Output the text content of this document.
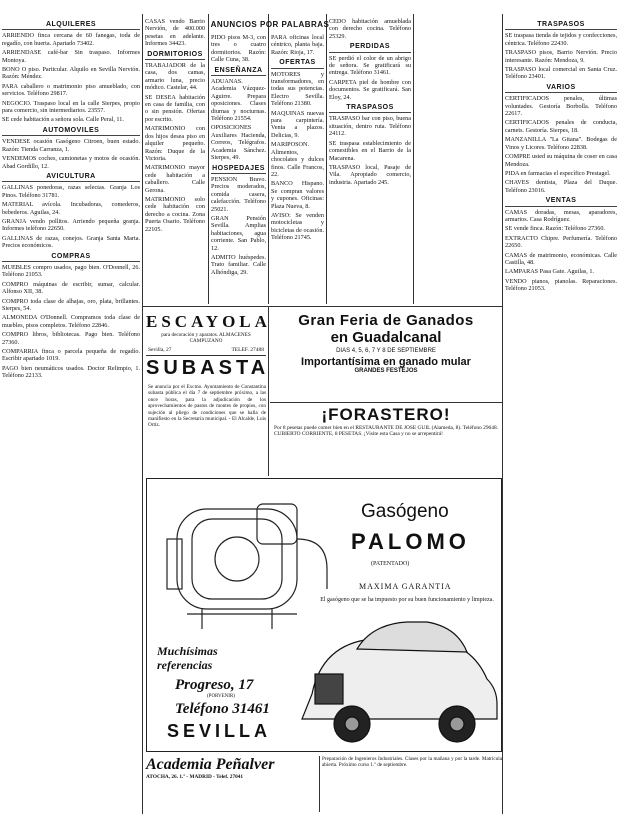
ANUNCIOS POR PALABRAS
ALQUILERES

ARRIENDO finca cercana de 60 fanegas, toda de regadío, con huerta. Apartado 73402.

ARRIENDASE café-bar Sin traspaso. Informes Montoya.

BONO O piso. Particular. Alquilo en Sevilla Nervión. Razón: Méndez.

PARA caballero o matrimonio piso amueblado, con servicios. Teléfono 29817.

NEGOCIO. Traspaso local en la calle Sierpes, propio para comercio, sin intermediarios. 23557.

SE cede habitación a señora sola. Calle Peral, 11.

AUTOMOVILES

VENDESE ocasión Gasógeno Citroen, buen estado. Razón: Tienda Carranza, 1.

VENDEMOS coches, camionetas y motos de ocasión. Abad Gordillo, 12.

AVICULTURA

GALLINAS ponedoras, razas selectas. Granja Los Pinos. Teléfono 31781.

MATERIAL avícola. Incubadoras, comederos, bebederos. Aguilas, 24.

GRANJA vendo pollitos. Arriendo pequeña granja. Informes teléfono 22650.

GALLINAS de razas, conejos. Granja Santa Marta. Precios económicos.

COMPRAS

MUEBLES compro usados, pago bien. O'Donnell, 26. Teléfono 21053.

COMPRO máquinas de escribir, sumar, calcular. Alfonso XII, 38.

COMPRO toda clase de alhajas, oro, plata, brillantes. Sierpes, 54.

ALMONEDA O'Donnell. Compramos toda clase de muebles, pisos completos. Teléfono 22846.

COMPRO libros, bibliotecas. Pago bien. Teléfono 27360.

COMPARRIA finca o parcela pequeña de regadío. Escribir apartado 1019.

PAGO bien neumáticos usados. Doctor Relimpio, 1. Teléfono 22133.

CASAS vendo Barrio Nervión, de 400.000 pesetas en adelante. Informes 34423.

DORMITORIOS

TRABAJADOR de la casa, dos camas, armario luna, precio módico. Castelar, 44.

SE DESEA habitación en casa de familia, con o sin pensión. Ofertas por escrito.

MATRIMONIO con dos hijos desea piso en alquiler pequeño. Razón: Duque de la Victoria.

MATRIMONIO mayor cede habitación a caballero. Calle Gerona.

MATRIMONIO solo cede habitación con derecho a cocina. Zona Puerta Osario. Teléfono 22105.

PIDO pisos M-3, con tres o cuatro dormitorios. Razón: Calle Cuna, 38.

ENSEÑANZA

ADUANAS. Academia Vázquez-Aguirre. Prepara oposiciones. Clases diurnas y nocturnas. Teléfono 21554.

OPOSICIONES Auxiliares Hacienda, Correos, Telégrafos. Academia Sánchez. Sierpes, 49.

HOSPEDAJES

PENSION Bravo. Precios moderados, comida casera, calefacción. Teléfono 25021.

GRAN Pensión Sevilla. Amplias habitaciones, agua corriente. San Pablo, 12.

ADMITO huéspedes. Trato familiar. Calle Alhóndiga, 29.

PARA oficinas local céntrico, planta baja. Razón: Rioja, 17.

OFERTAS

MOTORES y transformadores, en todas sus potencias. Electro Sevilla. Teléfono 21380.

MAQUINAS nuevas para carpintería. Venta a plazos. Delicias, 9.

MARIPOSON. Alimentos, chocolates y dulces finos. Calle Francos, 22.

BANCO Hispano. Se compran valores y cupones. Oficinas: Plaza Nueva, 8.

AVISO: Se venden motocicletas y bicicletas de ocasión. Teléfono 21745.

CEDO habitación amueblada con derecho cocina. Teléfono 25329.

PERDIDAS

SE perdió el color de un abrigo de señora. Se gratificará su entrega. Teléfono 31461.

CARPETA piel de hombre con documentos. Se gratificará. San Eloy, 24.

TRASPASOS

TRASPASO bar con piso, buena situación, dentro ruta. Teléfono 24112.

SE traspasa establecimiento de comestibles en el Barrio de la Macarena.

TRASPASO local, Pasaje de Vila. Apropiado comercio, industria. Apartado 245.

TRASPASOS

SE traspasa tienda de tejidos y confecciones, céntrica. Teléfono 22430.

TRASPASO pisos, Barrio Nervión. Precio interesante. Razón: Mendoza, 9.

TRASPASO local comercial en Santa Cruz. Teléfono 23401.

VARIOS

CERTIFICADOS penales, últimas voluntades. Gestoría Borbolla. Teléfono 22617.

CERTIFICADOS penales de conducta, carnets. Gestoría. Sierpes, 18.

MANZANILLA "La Gitana". Bodegas de Vinos y Licores. Teléfono 22838.

COMPRE usted su máquina de coser en casa Mendoza.

PIDA en farmacias el específico Prestagel.

CHAVES dentista, Plaza del Duque. Teléfono 23016.

VENTAS

CAMAS doradas, mesas, aparadores, armarios. Casa Rodríguez.

SE vende finca. Razón: Teléfono 27360.

EXTRACTO Chipre. Perfumería. Teléfono 22650.

CAMAS de matrimonio, económicas. Calle Castilla, 48.

LAMPARAS Pasa Gate. Aguilas, 1.

VENDO pianos, pianolas. Reparaciones. Teléfono 21053.

ESCAYOLA
para decoración y aparatos. ALMACENES CAMPUZANO
Sevilla, 27	TELEF. 27488
SUBASTA
Se anuncia por el Excmo. Ayuntamiento de Constantina subasta pública el día 7 de septiembre próximo, a las once horas, para la adjudicación de los aprovechamientos de pastos de montes de propios, con sujeción al pliego de condiciones que se halla de manifiesto en la Secretaría municipal. - El Alcalde, Luis Ortiz.
Gran Feria de Ganados
en Guadalcanal
DIAS 4, 5, 6, 7 Y 8 DE SEPTIEMBRE
Importantísima en ganado mular
GRANDES FESTEJOS
¡FORASTERO!
Por 8 pesetas puede comer bien en el RESTAURANTE DE JOSE GUIL (Alameda, 8). Teléfono 29648. CUBIERTO CORRIENTE, 8 PESETAS. ¡Visite esta Casa y no se arrepentirá!
Gasógeno
PALOMO
(PATENTADO)
MAXIMA GARANTIA
El gasógeno que se ha impuesto por su buen funcionamiento y limpieza.
Muchísimas
referencias
Progreso, 17
(PORVENIR)
Teléfono 31461
SEVILLA
Academia Peñalver
ATOCHA, 26. 1.º - MADRID - Telef. 27041
Preparación de Ingenieros Industriales. Clases por la mañana y por la tarde. Matrícula abierta. Próximo curso 1.º de septiembre.
